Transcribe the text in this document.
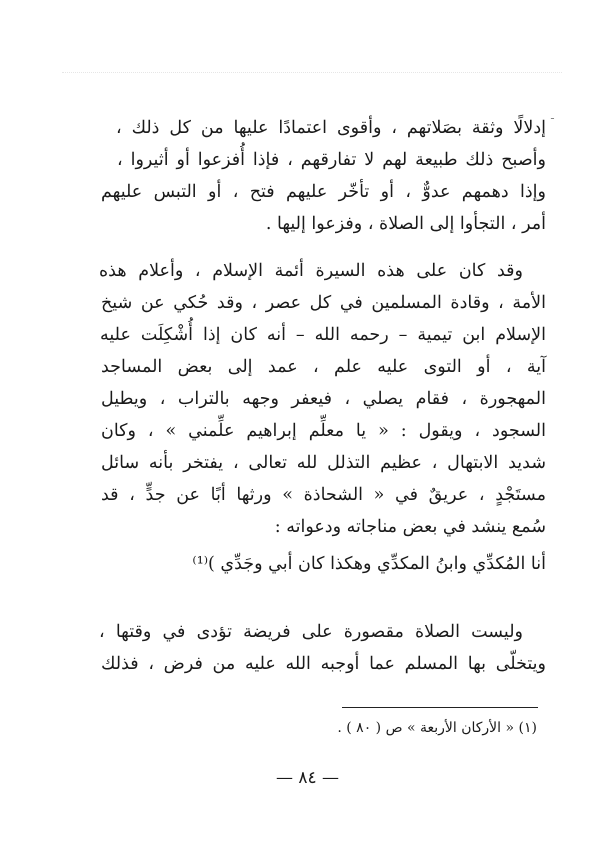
ـ
إدلالًا وثقة بصَلاتهم ، وأقوى اعتمادًا عليها من كل ذلك ،
وأصبح ذلك طبيعة لهم لا تفارقهم ، فإذا أُفزعوا أو أثيروا ،
وإذا دهمهم عدوٌّ ، أو تأخّر عليهم فتح ، أو التبس عليهم
أمر ، التجأوا إلى الصلاة ، وفزعوا إليها .
وقد كان على هذه السيرة أئمة الإسلام ، وأعلام هذه
الأمة ، وقادة المسلمين في كل عصر ، وقد حُكي عن شيخ
الإسلام ابن تيمية – رحمه الله – أنه كان إذا أُشْكِلَت عليه
آية ، أو التوى عليه علم ، عمد إلى بعض المساجد
المهجورة ، فقام يصلي ، فيعفر وجهه بالتراب ، ويطيل
السجود ، ويقول : « يا معلِّم إبراهيم علِّمني » ، وكان
شديد الابتهال ، عظيم التذلل لله تعالى ، يفتخر بأنه سائل
مستَجْدٍ ، عريقٌ في « الشحاذة » ورثها أبًا عن جدٍّ ، قد
سُمع ينشد في بعض مناجاته ودعواته :
أنا المُكدِّي وابنُ المكدِّي وهكذا كان أبي وجَدِّي )⁽¹⁾
وليست الصلاة مقصورة على فريضة تؤدى في وقتها ،
ويتخلّى بها المسلم عما أوجبه الله عليه من فرض ، فذلك
(١) « الأركان الأربعة » ص ( ٨٠ ) .
— ٨٤ —
